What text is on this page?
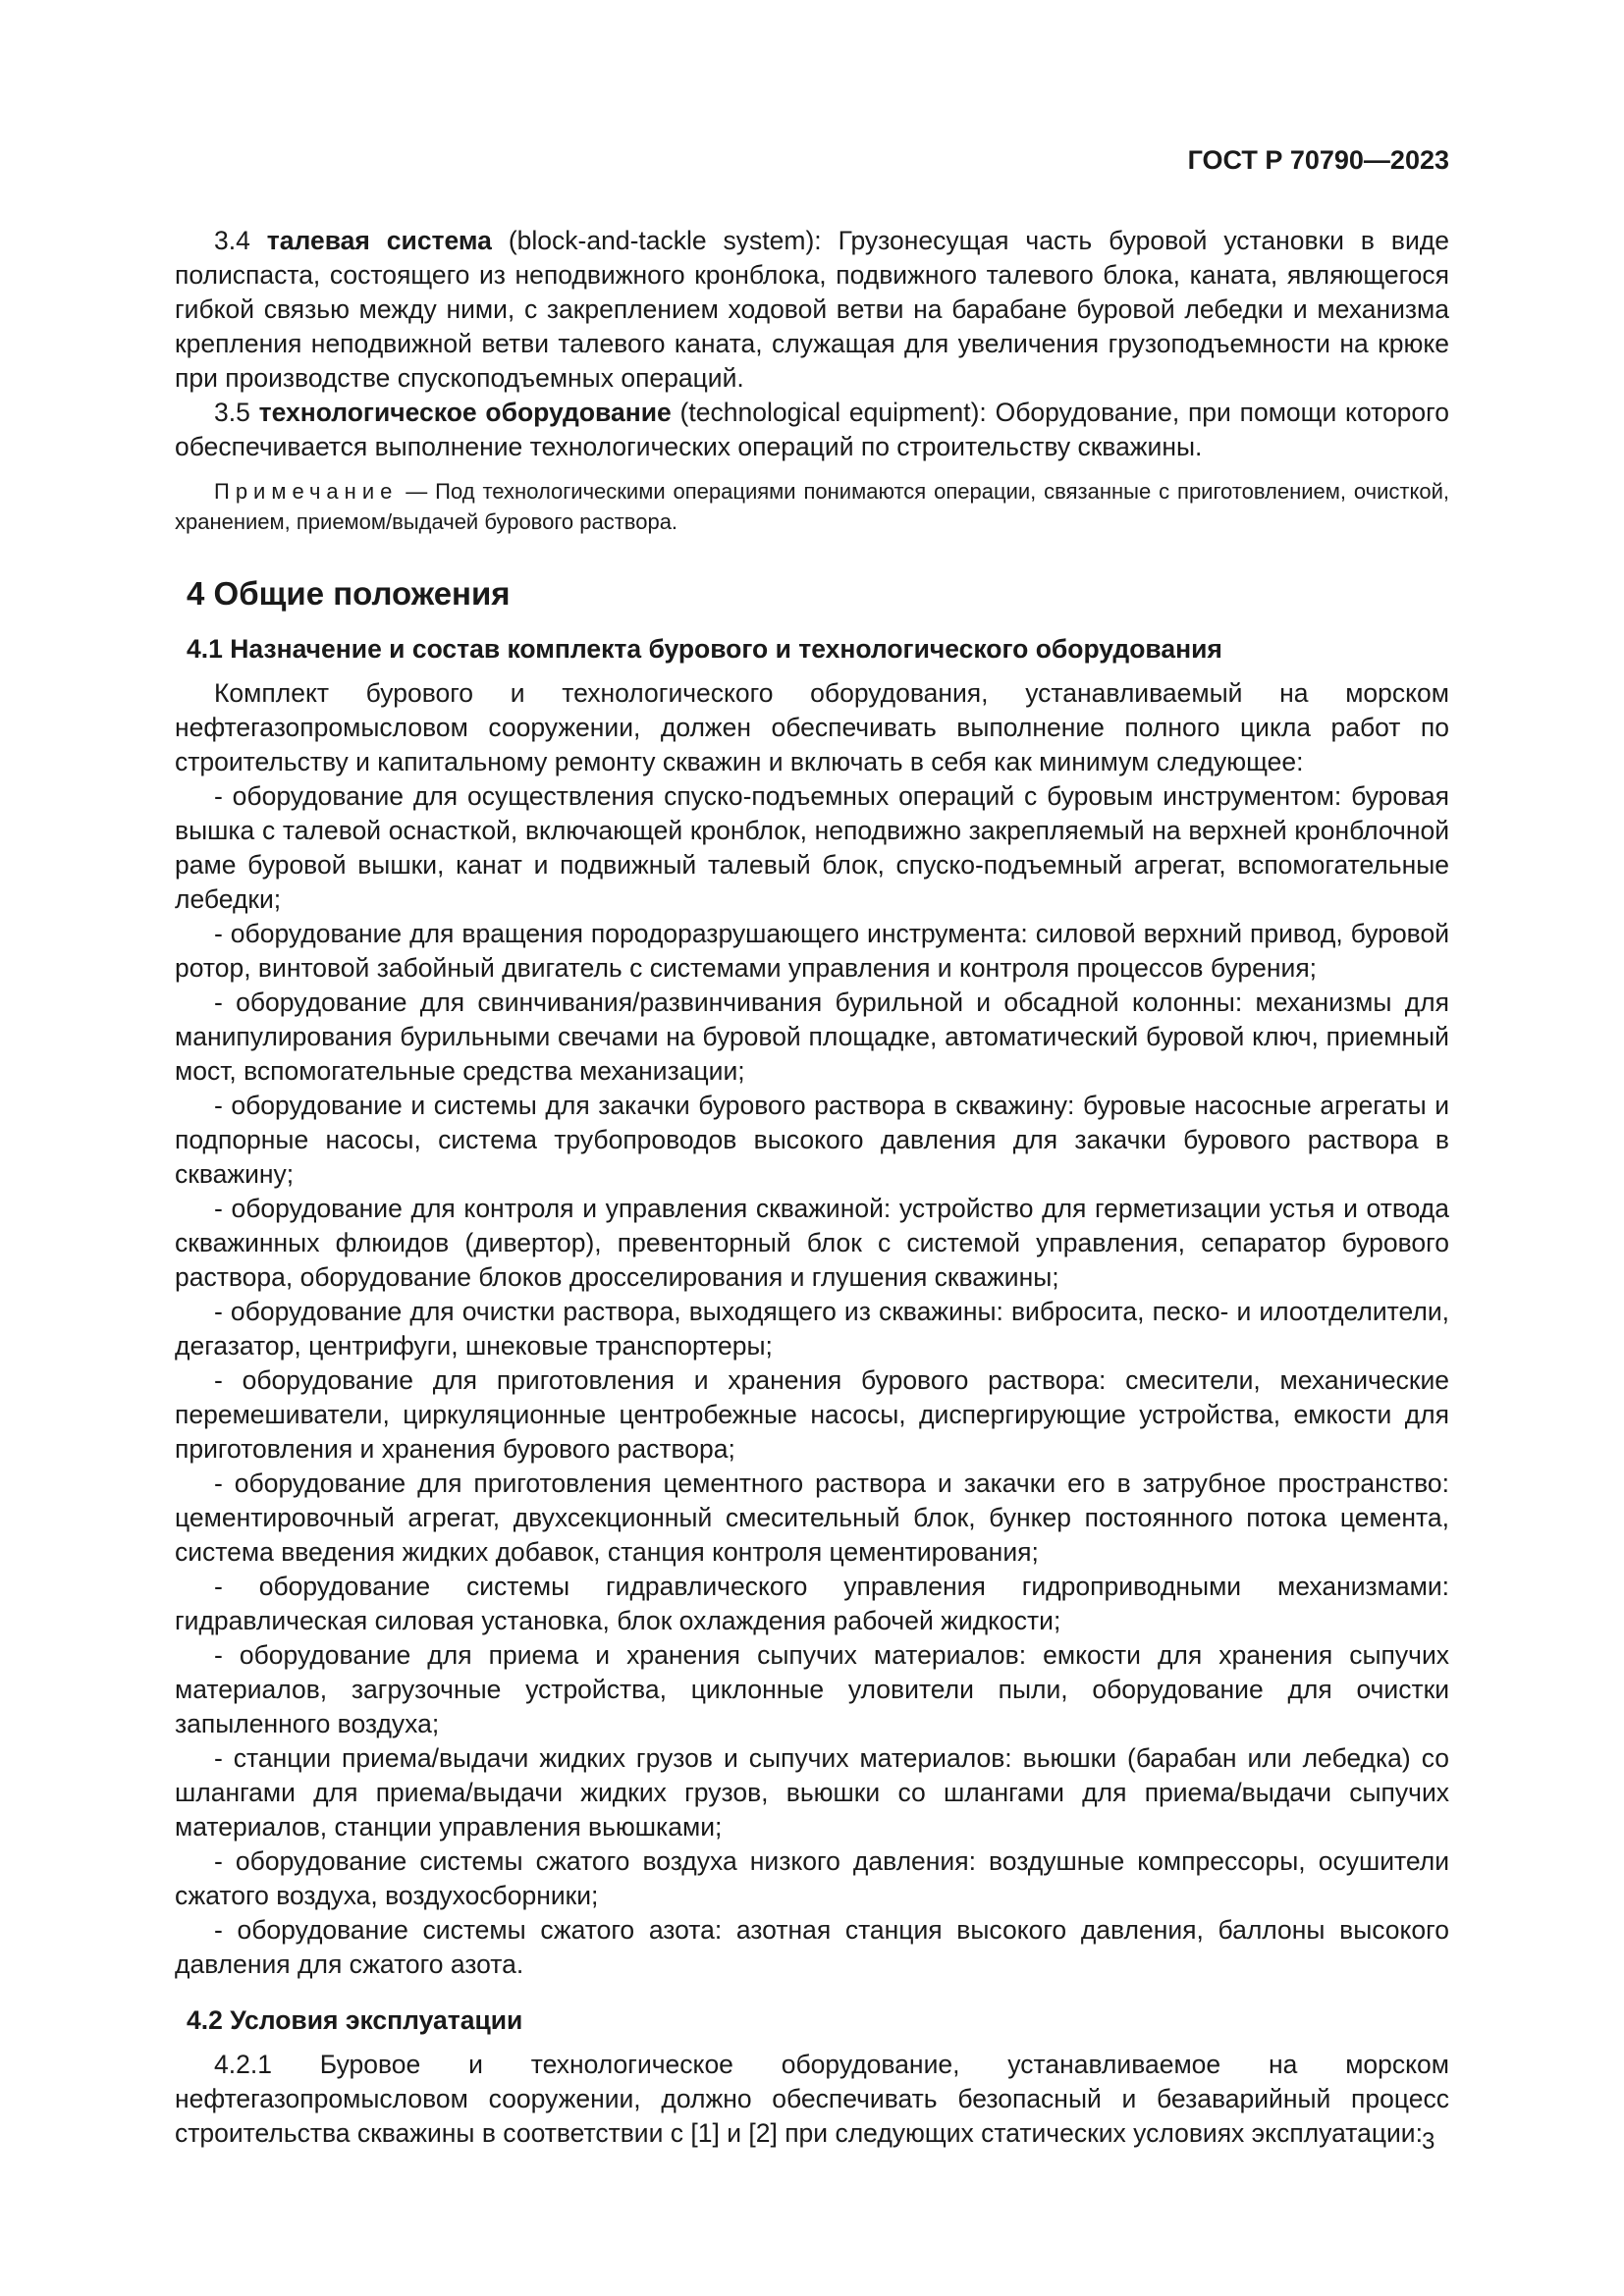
ГОСТ Р 70790—2023

3.4 талевая система (block-and-tackle system): Грузонесущая часть буровой установки в виде полиспаста, состоящего из неподвижного кронблока, подвижного талевого блока, каната, являющегося гибкой связью между ними, с закреплением ходовой ветви на барабане буровой лебедки и механизма крепления неподвижной ветви талевого каната, служащая для увеличения грузоподъемности на крюке при производстве спускоподъемных операций.

3.5 технологическое оборудование (technological equipment): Оборудование, при помощи которого обеспечивается выполнение технологических операций по строительству скважины.

Примечание — Под технологическими операциями понимаются операции, связанные с приготовлением, очисткой, хранением, приемом/выдачей бурового раствора.

4 Общие положения
4.1 Назначение и состав комплекта бурового и технологического оборудования

Комплект бурового и технологического оборудования, устанавливаемый на морском нефтегазопромысловом сооружении, должен обеспечивать выполнение полного цикла работ по строительству и капитальному ремонту скважин и включать в себя как минимум следующее:

- оборудование для осуществления спуско-подъемных операций с буровым инструментом: буровая вышка с талевой оснасткой, включающей кронблок, неподвижно закрепляемый на верхней кронблочной раме буровой вышки, канат и подвижный талевый блок, спуско-подъемный агрегат, вспомогательные лебедки;

- оборудование для вращения породоразрушающего инструмента: силовой верхний привод, буровой ротор, винтовой забойный двигатель с системами управления и контроля процессов бурения;

- оборудование для свинчивания/развинчивания бурильной и обсадной колонны: механизмы для манипулирования бурильными свечами на буровой площадке, автоматический буровой ключ, приемный мост, вспомогательные средства механизации;

- оборудование и системы для закачки бурового раствора в скважину: буровые насосные агрегаты и подпорные насосы, система трубопроводов высокого давления для закачки бурового раствора в скважину;

- оборудование для контроля и управления скважиной: устройство для герметизации устья и отвода скважинных флюидов (дивертор), превенторный блок с системой управления, сепаратор бурового раствора, оборудование блоков дросселирования и глушения скважины;

- оборудование для очистки раствора, выходящего из скважины: вибросита, песко- и илоотделители, дегазатор, центрифуги, шнековые транспортеры;

- оборудование для приготовления и хранения бурового раствора: смесители, механические перемешиватели, циркуляционные центробежные насосы, диспергирующие устройства, емкости для приготовления и хранения бурового раствора;

- оборудование для приготовления цементного раствора и закачки его в затрубное пространство: цементировочный агрегат, двухсекционный смесительный блок, бункер постоянного потока цемента, система введения жидких добавок, станция контроля цементирования;

- оборудование системы гидравлического управления гидроприводными механизмами: гидравлическая силовая установка, блок охлаждения рабочей жидкости;

- оборудование для приема и хранения сыпучих материалов: емкости для хранения сыпучих материалов, загрузочные устройства, циклонные уловители пыли, оборудование для очистки запыленного воздуха;

- станции приема/выдачи жидких грузов и сыпучих материалов: вьюшки (барабан или лебедка) со шлангами для приема/выдачи жидких грузов, вьюшки со шлангами для приема/выдачи сыпучих материалов, станции управления вьюшками;

- оборудование системы сжатого воздуха низкого давления: воздушные компрессоры, осушители сжатого воздуха, воздухосборники;

- оборудование системы сжатого азота: азотная станция высокого давления, баллоны высокого давления для сжатого азота.

4.2 Условия эксплуатации

4.2.1 Буровое и технологическое оборудование, устанавливаемое на морском нефтегазопромысловом сооружении, должно обеспечивать безопасный и безаварийный процесс строительства скважины в соответствии с [1] и [2] при следующих статических условиях эксплуатации: 3
